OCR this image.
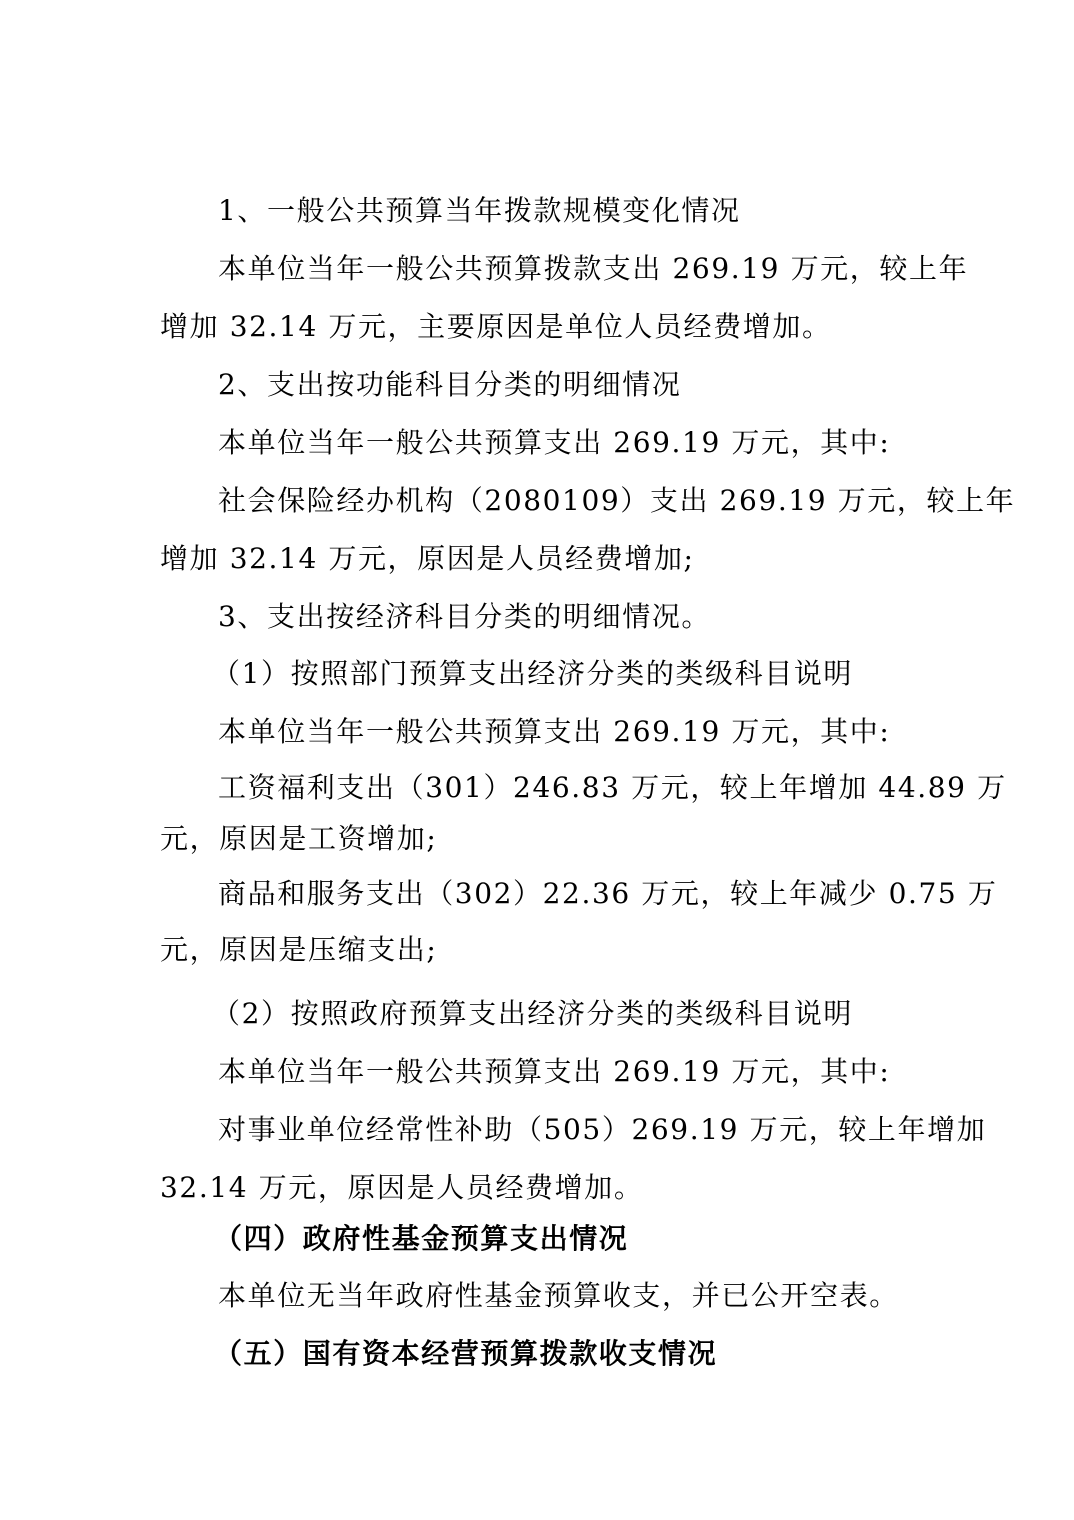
1、一般公共预算当年拨款规模变化情况
本单位当年一般公共预算拨款支出 269.19 万元，较上年
增加 32.14 万元，主要原因是单位人员经费增加。
2、支出按功能科目分类的明细情况
本单位当年一般公共预算支出 269.19 万元，其中:
社会保险经办机构（2080109）支出 269.19 万元，较上年
增加 32.14 万元，原因是人员经费增加;
3、支出按经济科目分类的明细情况。
（1）按照部门预算支出经济分类的类级科目说明
本单位当年一般公共预算支出 269.19 万元，其中:
工资福利支出（301）246.83 万元，较上年增加 44.89 万
元，原因是工资增加;
商品和服务支出（302）22.36 万元，较上年减少 0.75 万
元，原因是压缩支出;
（2）按照政府预算支出经济分类的类级科目说明
本单位当年一般公共预算支出 269.19 万元，其中:
对事业单位经常性补助（505）269.19 万元，较上年增加
32.14 万元，原因是人员经费增加。
（四）政府性基金预算支出情况
本单位无当年政府性基金预算收支，并已公开空表。
（五）国有资本经营预算拨款收支情况
